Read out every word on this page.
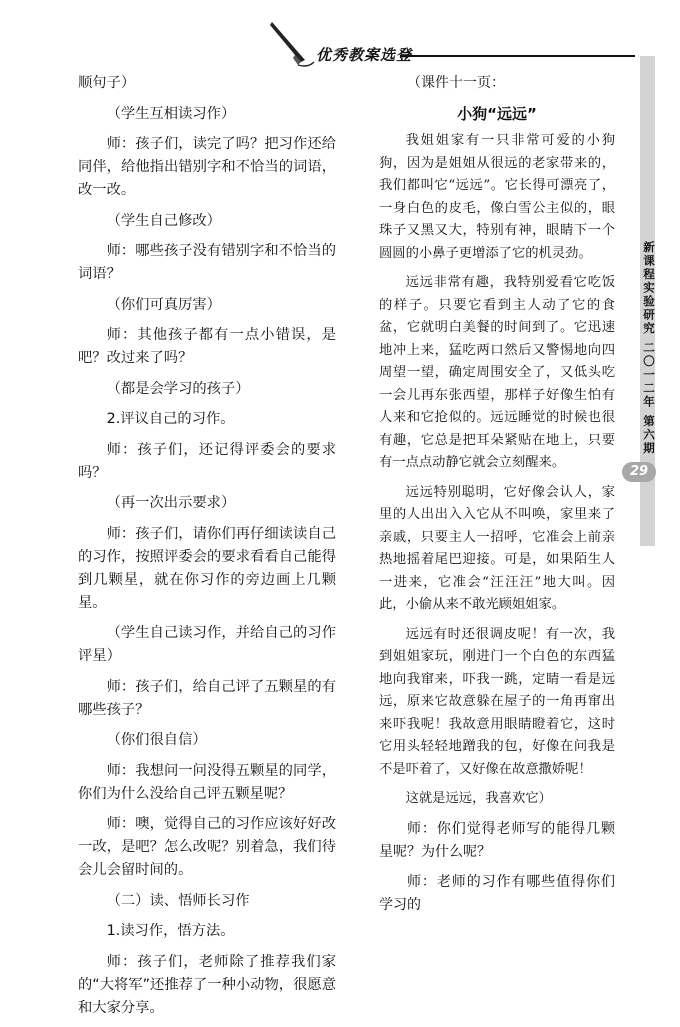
优秀教案选登
新课程实验研究 二〇一二年 第六期
29

顺句子）

（学生互相读习作）

师：孩子们，读完了吗？把习作还给同伴，给他指出错别字和不恰当的词语，改一改。

（学生自己修改）

师：哪些孩子没有错别字和不恰当的词语？

（你们可真厉害）

师：其他孩子都有一点小错误，是吧？改过来了吗？

（都是会学习的孩子）

2.评议自己的习作。

师：孩子们，还记得评委会的要求吗？

（再一次出示要求）

师：孩子们，请你们再仔细读读自己的习作，按照评委会的要求看看自己能得到几颗星，就在你习作的旁边画上几颗星。

（学生自己读习作，并给自己的习作评星）

师：孩子们，给自己评了五颗星的有哪些孩子？

（你们很自信）

师：我想问一问没得五颗星的同学，你们为什么没给自己评五颗星呢？

师：噢，觉得自己的习作应该好好改一改，是吧？怎么改呢？别着急，我们待会儿会留时间的。

（二）读、悟师长习作

1.读习作，悟方法。

师：孩子们，老师除了推荐我们家的“大将军”还推荐了一种小动物，很愿意和大家分享。

（课件十一页：

小狗“远远”

我姐姐家有一只非常可爱的小狗狗，因为是姐姐从很远的老家带来的，我们都叫它“远远”。它长得可漂亮了，一身白色的皮毛，像白雪公主似的，眼珠子又黑又大，特别有神，眼睛下一个圆圆的小鼻子更增添了它的机灵劲。

远远非常有趣，我特别爱看它吃饭的样子。只要它看到主人动了它的食盆，它就明白美餐的时间到了。它迅速地冲上来，猛吃两口然后又警惕地向四周望一望，确定周围安全了，又低头吃一会儿再东张西望，那样子好像生怕有人来和它抢似的。远远睡觉的时候也很有趣，它总是把耳朵紧贴在地上，只要有一点点动静它就会立刻醒来。

远远特别聪明，它好像会认人，家里的人出出入入它从不叫唤，家里来了亲戚，只要主人一招呼，它准会上前亲热地摇着尾巴迎接。可是，如果陌生人一进来，它准会“汪汪汪”地大叫。因此，小偷从来不敢光顾姐姐家。

远远有时还很调皮呢！有一次，我到姐姐家玩，刚进门一个白色的东西猛地向我窜来，吓我一跳，定睛一看是远远，原来它故意躲在屋子的一角再窜出来吓我呢！我故意用眼睛瞪着它，这时它用头轻轻地蹭我的包，好像在问我是不是吓着了，又好像在故意撒娇呢！

这就是远远，我喜欢它）

师：你们觉得老师写的能得几颗星呢？为什么呢？

师：老师的习作有哪些值得你们学习的
